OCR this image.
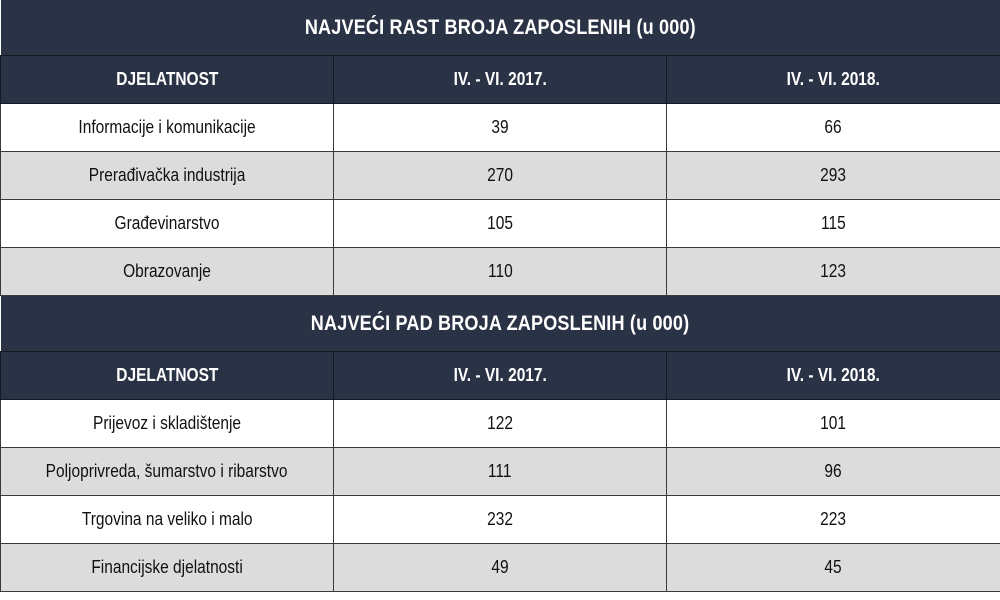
NAJVEĆI RAST BROJA ZAPOSLENIH (u 000)		
DJELATNOST	IV. - VI. 2017.	IV. - VI. 2018.
Informacije i komunikacije	39	66
Prerađivačka industrija	270	293
Građevinarstvo	105	115
Obrazovanje	110	123
NAJVEĆI PAD BROJA ZAPOSLENIH (u 000)		
DJELATNOST	IV. - VI. 2017.	IV. - VI. 2018.
Prijevoz i skladištenje	122	101
Poljoprivreda, šumarstvo i ribarstvo	111	96
Trgovina na veliko i malo	232	223
Financijske djelatnosti	49	45
